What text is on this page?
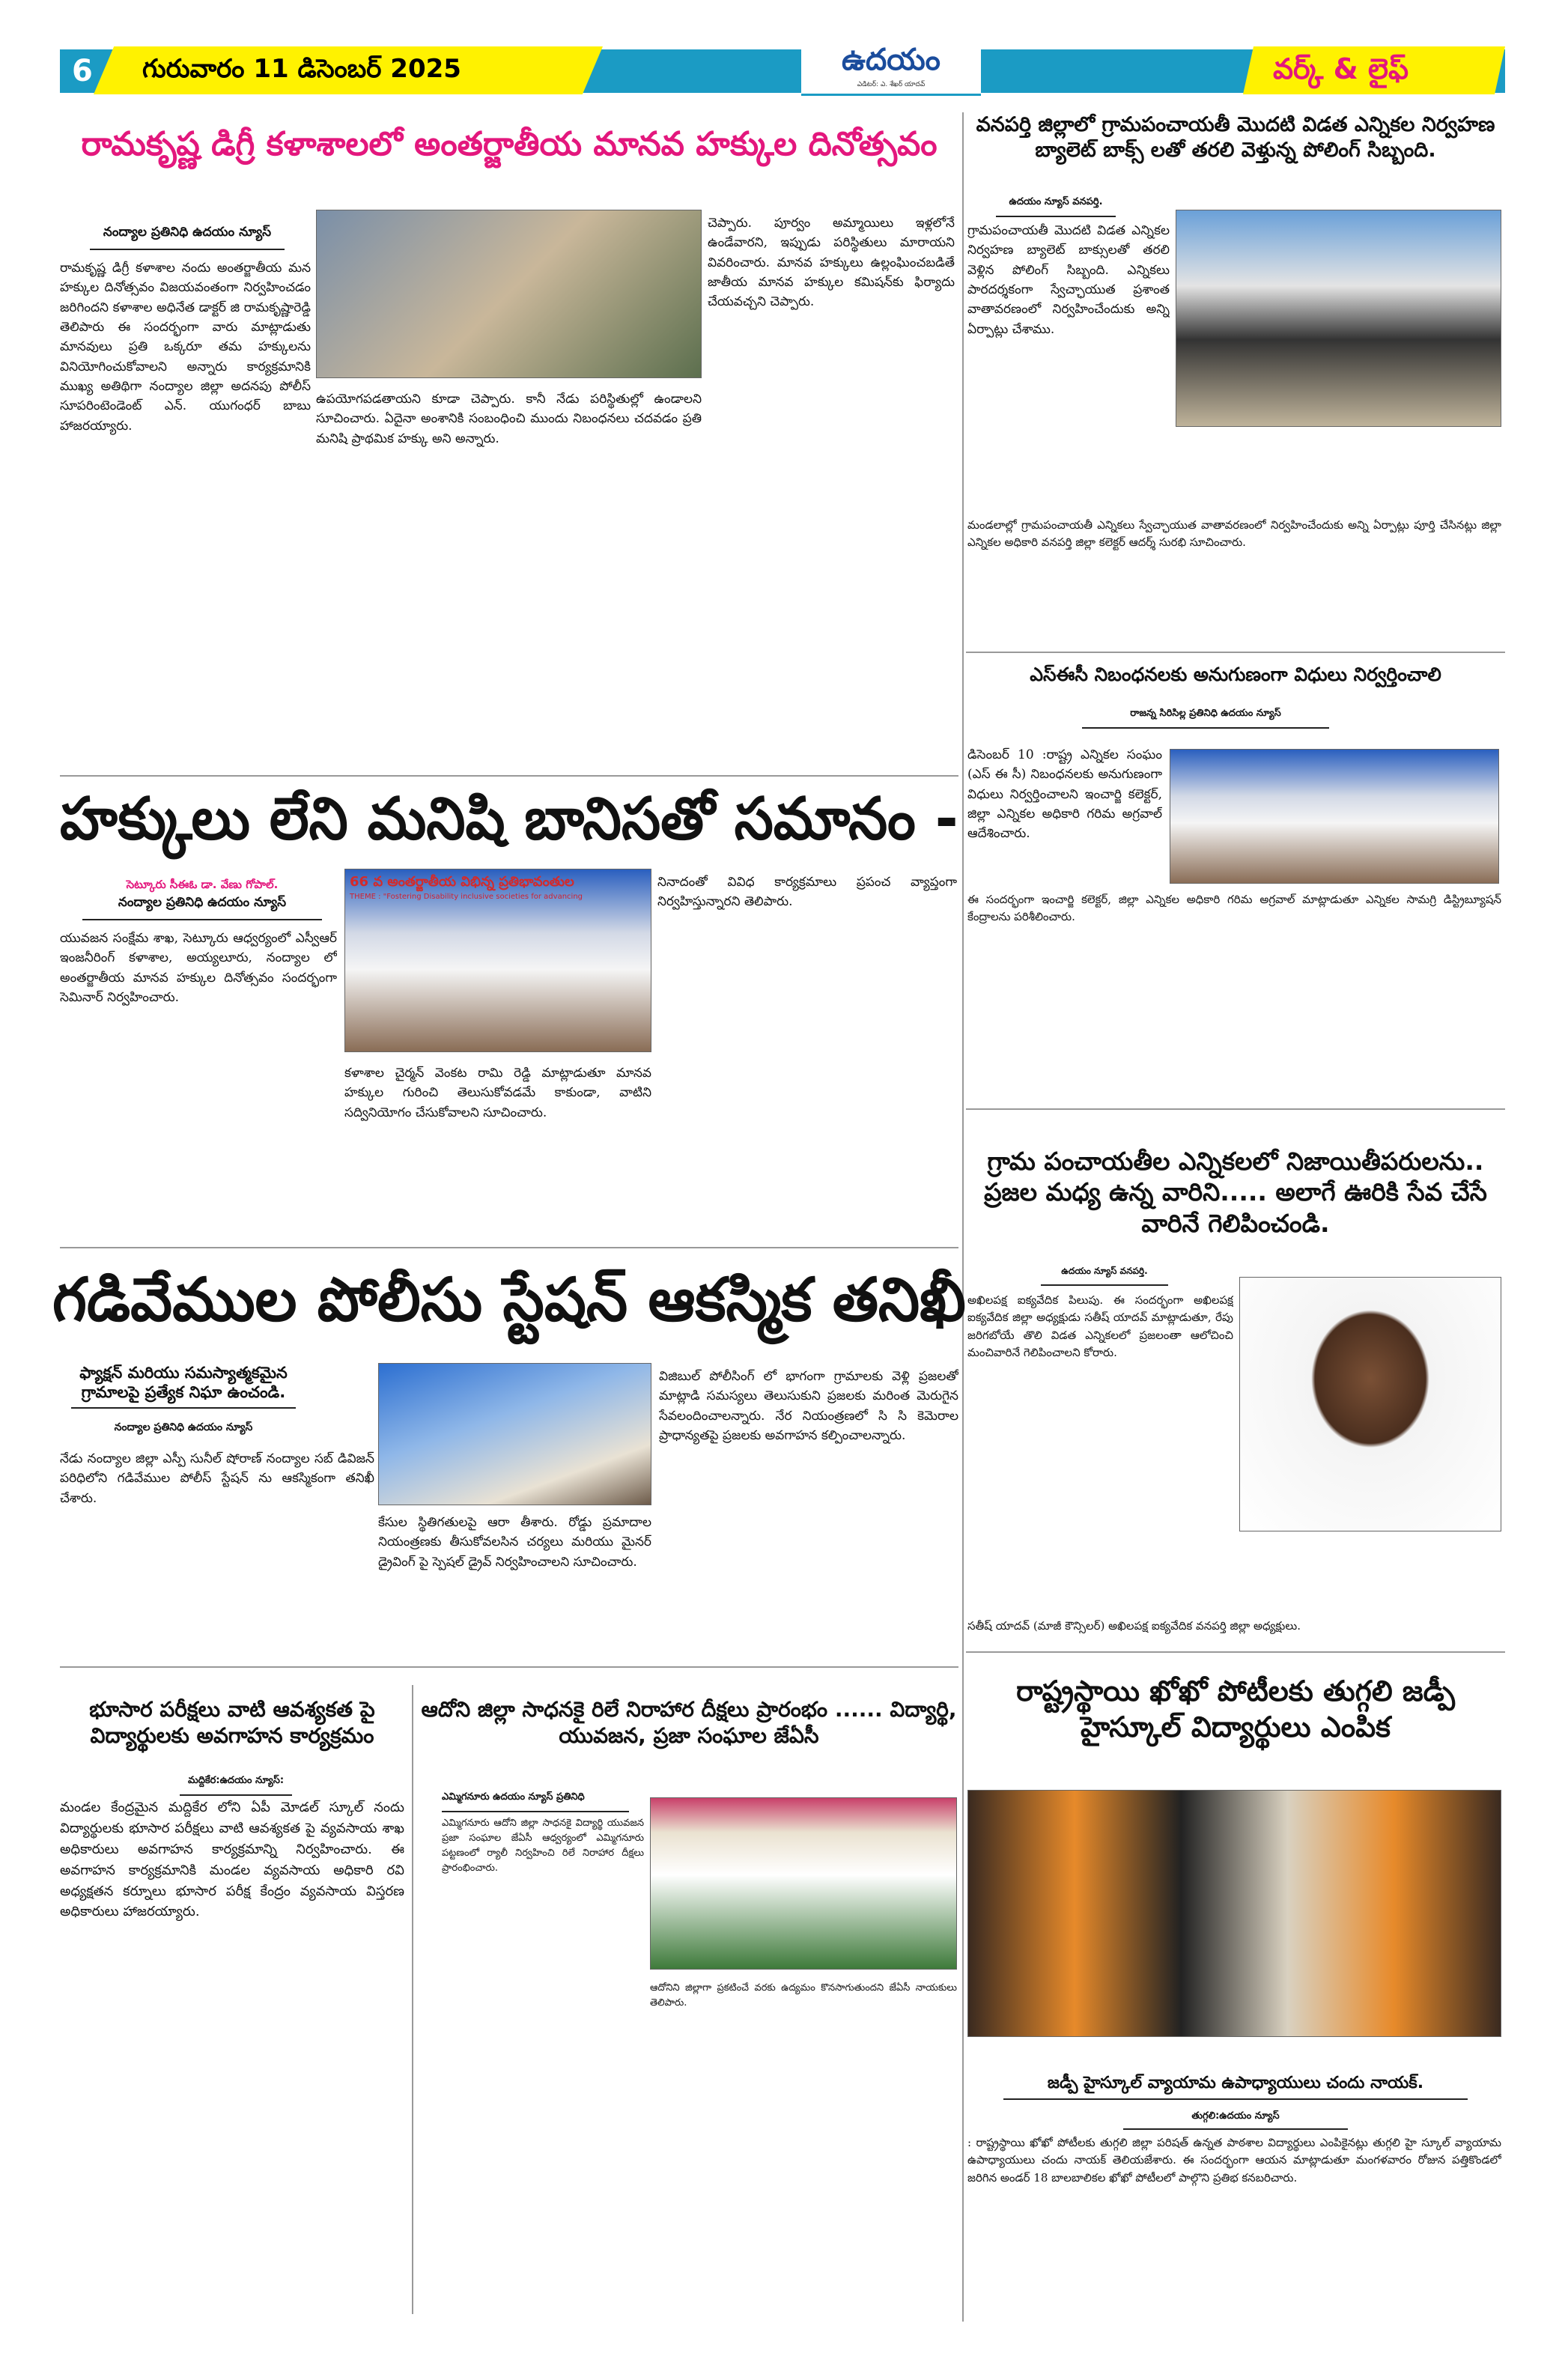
6 గురువారం 11 డిసెంబర్ 2025	ఉదయం
ఎడిటర్: ఎ. శేఖర్ యాదవ్	వర్క్ & లైఫ్
రామకృష్ణ డిగ్రీ కళాశాలలో అంతర్జాతీయ మానవ హక్కుల దినోత్సవం
నంద్యాల ప్రతినిధి ఉదయం న్యూస్
రామకృష్ణ డిగ్రీ కళాశాల నందు అంతర్జాతీయ మన హక్కుల దినోత్సవం విజయవంతంగా నిర్వహించడం జరిగిందని కళాశాల అధినేత డాక్టర్ జి రామకృష్ణారెడ్డి తెలిపారు ఈ సందర్భంగా వారు మాట్లాడుతు మానవులు ప్రతి ఒక్కరూ తమ హక్కులను వినియోగించుకోవాలని అన్నారు కార్యక్రమానికి ముఖ్య అతిథిగా నంద్యాల జిల్లా అదనపు పోలీస్ సూపరింటెండెంట్ ఎన్. యుగంధర్ బాబు హాజరయ్యారు.
ఉపయోగపడతాయని కూడా చెప్పారు. కానీ నేడు పరిస్థితుల్లో ఉండాలని సూచించారు. ఏదైనా అంశానికి సంబంధించి ముందు నిబంధనలు చదవడం ప్రతి మనిషి ప్రాథమిక హక్కు అని అన్నారు.
చెప్పారు. పూర్వం అమ్మాయిలు ఇళ్లలోనే ఉండేవారని, ఇప్పుడు పరిస్థితులు మారాయని వివరించారు. మానవ హక్కులు ఉల్లంఘించబడితే జాతీయ మానవ హక్కుల కమిషన్‌కు ఫిర్యాదు చేయవచ్చని చెప్పారు.
హక్కులు లేని మనిషి బానిసతో సమానం -
సెట్కూరు సీఈఓ డా. వేణు గోపాల్.
నంద్యాల ప్రతినిధి ఉదయం న్యూస్
యువజన సంక్షేమ శాఖ, సెట్కూరు ఆధ్వర్యంలో ఎస్వీఆర్ ఇంజనీరింగ్ కళాశాల, అయ్యలూరు, నంద్యాల లో అంతర్జాతీయ మానవ హక్కుల దినోత్సవం సందర్భంగా సెమినార్ నిర్వహించారు.
66 వ అంతర్జాతీయ విభిన్న ప్రతిభావంతుల
THEME : "Fostering Disability inclusive societies for advancing
కళాశాల చైర్మన్ వెంకట రామి రెడ్డి మాట్లాడుతూ మానవ హక్కుల గురించి తెలుసుకోవడమే కాకుండా, వాటిని సద్వినియోగం చేసుకోవాలని సూచించారు.
నినాదంతో వివిధ కార్యక్రమాలు ప్రపంచ వ్యాప్తంగా నిర్వహిస్తున్నారని తెలిపారు.
గడివేముల పోలీసు స్టేషన్ ఆకస్మిక తనిఖీ
ఫ్యాక్షన్ మరియు సమస్యాత్మకమైన గ్రామాలపై ప్రత్యేక నిఘా ఉంచండి.
నంద్యాల ప్రతినిధి ఉదయం న్యూస్
నేడు నంద్యాల జిల్లా ఎస్పీ సునీల్ షోరాణ్ నంద్యాల సబ్ డివిజన్ పరిధిలోని గడివేముల పోలీస్ స్టేషన్ ను ఆకస్మికంగా తనిఖీ చేశారు.
కేసుల స్థితిగతులపై ఆరా తీశారు. రోడ్డు ప్రమాదాల నియంత్రణకు తీసుకోవలసిన చర్యలు మరియు మైనర్ డ్రైవింగ్ పై స్పెషల్ డ్రైవ్ నిర్వహించాలని సూచించారు.
విజిబుల్ పోలీసింగ్ లో భాగంగా గ్రామాలకు వెళ్లి ప్రజలతో మాట్లాడి సమస్యలు తెలుసుకుని ప్రజలకు మరింత మెరుగైన సేవలందించాలన్నారు. నేర నియంత్రణలో సి సి కెమెరాల ప్రాధాన్యతపై ప్రజలకు అవగాహన కల్పించాలన్నారు.
భూసార పరీక్షలు వాటి ఆవశ్యకత పై విద్యార్థులకు అవగాహన కార్యక్రమం
మద్దికేర:ఉదయం న్యూస్:
మండల కేంద్రమైన మద్దికేర లోని ఏపీ మోడల్ స్కూల్ నందు విద్యార్థులకు భూసార పరీక్షలు వాటి ఆవశ్యకత పై వ్యవసాయ శాఖ అధికారులు అవగాహన కార్యక్రమాన్ని నిర్వహించారు. ఈ అవగాహన కార్యక్రమానికి మండల వ్యవసాయ అధికారి రవి అధ్యక్షతన కర్నూలు భూసార పరీక్ష కేంద్రం వ్యవసాయ విస్తరణ అధికారులు హాజరయ్యారు.
ఆదోని జిల్లా సాధనకై రిలే నిరాహార దీక్షలు ప్రారంభం ...... విద్యార్థి, యువజన, ప్రజా సంఘాల జేఏసీ
ఎమ్మిగనూరు ఉదయం న్యూస్ ప్రతినిధి
ఎమ్మిగనూరు ఆదోని జిల్లా సాధనకై విద్యార్థి యువజన ప్రజా సంఘాల జేఏసీ ఆధ్వర్యంలో ఎమ్మిగనూరు పట్టణంలో ర్యాలీ నిర్వహించి రిలే నిరాహార దీక్షలు ప్రారంభించారు.
ఆదోనిని జిల్లాగా ప్రకటించే వరకు ఉద్యమం కొనసాగుతుందని జేఏసీ నాయకులు తెలిపారు.
వనపర్తి జిల్లాలో గ్రామపంచాయతీ మొదటి విడత ఎన్నికల నిర్వహణ బ్యాలెట్ బాక్స్ లతో తరలి వెళ్తున్న పోలింగ్ సిబ్బంది.
ఉదయం న్యూస్ వనపర్తి.
గ్రామపంచాయతీ మొదటి విడత ఎన్నికల నిర్వహణ బ్యాలెట్ బాక్సులతో తరలి వెళ్లిన పోలింగ్ సిబ్బంది. ఎన్నికలు పారదర్శకంగా స్వేచ్ఛాయుత ప్రశాంత వాతావరణంలో నిర్వహించేందుకు అన్ని ఏర్పాట్లు చేశాము.
మండలాల్లో గ్రామపంచాయతీ ఎన్నికలు స్వేచ్ఛాయుత వాతావరణంలో నిర్వహించేందుకు అన్ని ఏర్పాట్లు పూర్తి చేసినట్లు జిల్లా ఎన్నికల అధికారి వనపర్తి జిల్లా కలెక్టర్ ఆదర్శ్ సురభి సూచించారు.
ఎస్ఈసీ నిబంధనలకు అనుగుణంగా విధులు నిర్వర్తించాలి
రాజన్న సిరిసిల్ల ప్రతినిధి ఉదయం న్యూస్
డిసెంబర్ 10 :రాష్ట్ర ఎన్నికల సంఘం (ఎస్ ఈ సీ) నిబంధనలకు అనుగుణంగా విధులు నిర్వర్తించాలని ఇంచార్జి కలెక్టర్, జిల్లా ఎన్నికల అధికారి గరిమ అగ్రవాల్ ఆదేశించారు.
ఈ సందర్భంగా ఇంచార్జి కలెక్టర్, జిల్లా ఎన్నికల అధికారి గరిమ అగ్రవాల్ మాట్లాడుతూ ఎన్నికల సామగ్రి డిస్ట్రిబ్యూషన్ కేంద్రాలను పరిశీలించారు.
గ్రామ పంచాయతీల ఎన్నికలలో నిజాయితీపరులను.. ప్రజల మధ్య ఉన్న వారిని..... అలాగే ఊరికి సేవ చేసే వారినే గెలిపించండి.
ఉదయం న్యూస్ వనపర్తి.
అఖిలపక్ష ఐక్యవేదిక పిలుపు. ఈ సందర్భంగా అఖిలపక్ష ఐక్యవేదిక జిల్లా అధ్యక్షుడు సతీష్ యాదవ్ మాట్లాడుతూ, రేపు జరిగబోయే తొలి విడత ఎన్నికలలో ప్రజలంతా ఆలోచించి మంచివారినే గెలిపించాలని కోరారు.
సతీష్ యాదవ్ (మాజీ కౌన్సిలర్) అఖిలపక్ష ఐక్యవేదిక వనపర్తి జిల్లా అధ్యక్షులు.
రాష్ట్రస్థాయి ఖోఖో పోటీలకు తుగ్గలి జడ్పీ హైస్కూల్ విద్యార్థులు ఎంపిక
జడ్పీ హైస్కూల్ వ్యాయామ ఉపాధ్యాయులు చందు నాయక్.
తుగ్గలి:ఉదయం న్యూస్
: రాష్ట్రస్థాయి ఖోఖో పోటీలకు తుగ్గలి జిల్లా పరిషత్ ఉన్నత పాఠశాల విద్యార్థులు ఎంపికైనట్లు తుగ్గలి హై స్కూల్ వ్యాయామ ఉపాధ్యాయులు చందు నాయక్ తెలియజేశారు. ఈ సందర్భంగా ఆయన మాట్లాడుతూ మంగళవారం రోజున పత్తికొండలో జరిగిన అండర్ 18 బాలబాలికల ఖోఖో పోటీలలో పాల్గొని ప్రతిభ కనబరిచారు.
